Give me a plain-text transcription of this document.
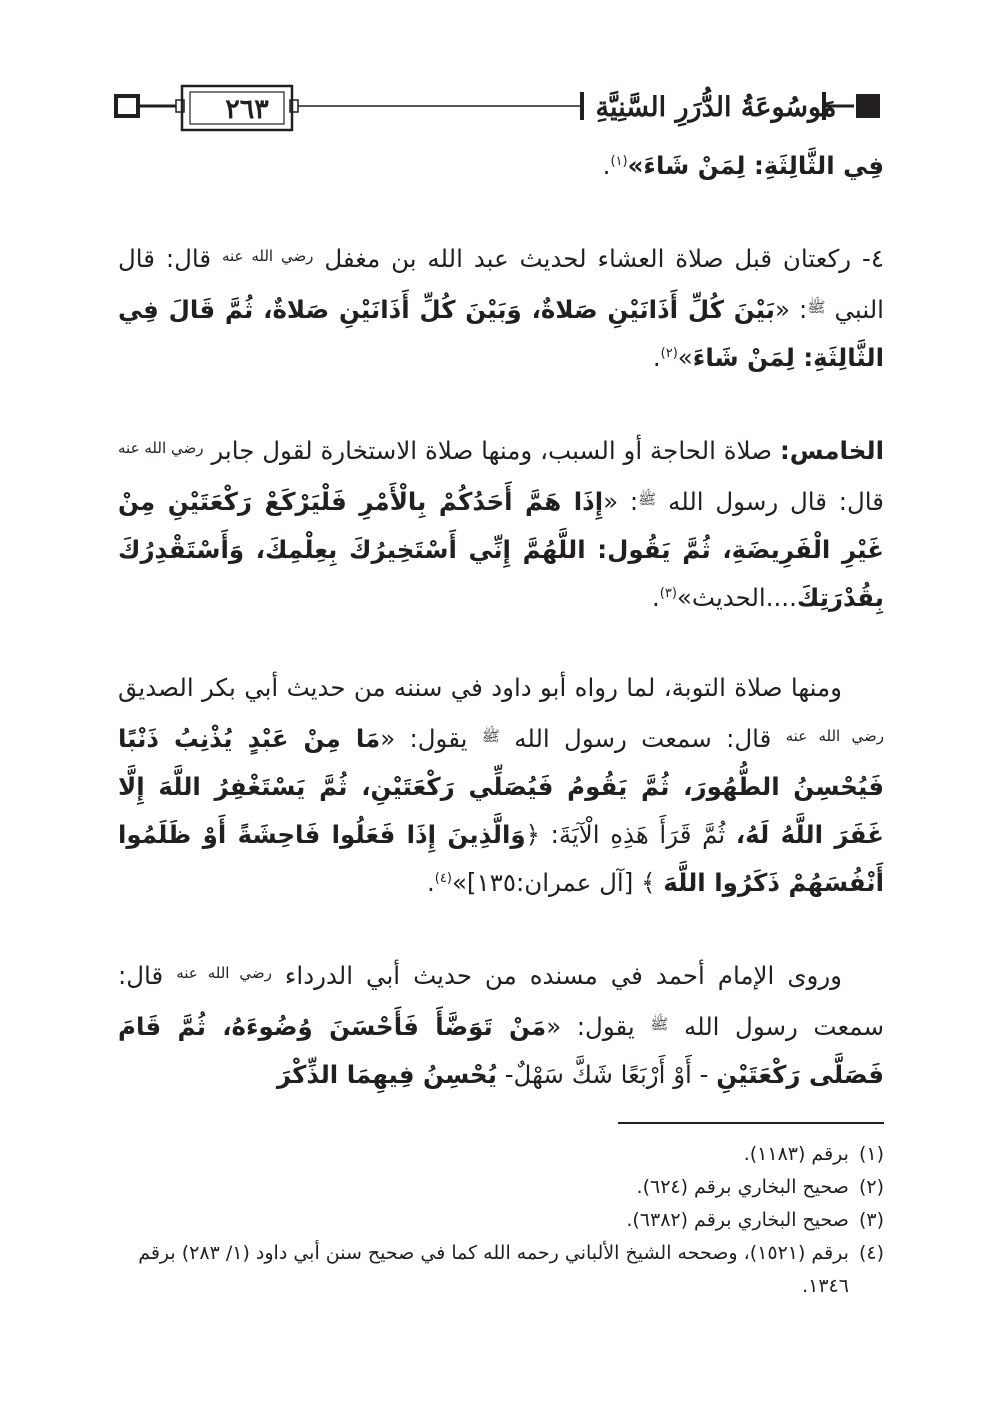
٢٦٣	مَوسُوعَةُ الدُّرَرِ السَّنِيَّةِ

فِي الثَّالِثَةِ: لِمَنْ شَاءَ»$^{(١)}$.

٤- ركعتان قبل صلاة العشاء لحديث عبد الله بن مغفل $^{رضي الله عنه}$ قال: قال النبي $^ﷺ$: «بَيْنَ كُلِّ أَذَانَيْنِ صَلاةٌ، وَبَيْنَ كُلِّ أَذَانَيْنِ صَلاةٌ، ثُمَّ قَالَ فِي الثَّالِثَةِ: لِمَنْ شَاءَ»$^{(٢)}$.

الخامس: صلاة الحاجة أو السبب، ومنها صلاة الاستخارة لقول جابر $^{رضي الله عنه}$ قال: قال رسول الله $^ﷺ$: «إِذَا هَمَّ أَحَدُكُمْ بِالْأَمْرِ فَلْيَرْكَعْ رَكْعَتَيْنِ مِنْ غَيْرِ الْفَرِيضَةِ، ثُمَّ يَقُول: اللَّهُمَّ إِنِّي أَسْتَخِيرُكَ بِعِلْمِكَ، وَأَسْتَقْدِرُكَ بِقُدْرَتِكَ....الحديث»$^{(٣)}$.

ومنها صلاة التوبة، لما رواه أبو داود في سننه من حديث أبي بكر الصديق $^{رضي الله عنه}$ قال: سمعت رسول الله $^ﷺ$ يقول: «مَا مِنْ عَبْدٍ يُذْنِبُ ذَنْبًا فَيُحْسِنُ الطُّهُورَ، ثُمَّ يَقُومُ فَيُصَلِّي رَكْعَتَيْنِ، ثُمَّ يَسْتَغْفِرُ اللَّهَ إِلَّا غَفَرَ اللَّهُ لَهُ، ثُمَّ قَرَأَ هَذِهِ الْآيَةَ: ﴿وَالَّذِينَ إِذَا فَعَلُوا فَاحِشَةً أَوْ ظَلَمُوا أَنْفُسَهُمْ ذَكَرُوا اللَّهَ ﴾ [آل عمران:١٣٥]»$^{(٤)}$.

وروى الإمام أحمد في مسنده من حديث أبي الدرداء $^{رضي الله عنه}$ قال: سمعت رسول الله $^ﷺ$ يقول: «مَنْ تَوَضَّأَ فَأَحْسَنَ وُضُوءَهُ، ثُمَّ قَامَ فَصَلَّى رَكْعَتَيْنِ - أَوْ أَرْبَعًا شَكَّ سَهْلٌ- يُحْسِنُ فِيهِمَا الذِّكْرَ

(١)
برقم (١١٨٣).

(٢)
صحيح البخاري برقم (٦٢٤).

(٣)
صحيح البخاري برقم (٦٣٨٢).

(٤)
برقم (١٥٢١)، وصححه الشيخ الألباني رحمه الله كما في صحيح سنن أبي داود (١/ ٢٨٣) برقم ١٣٤٦.
